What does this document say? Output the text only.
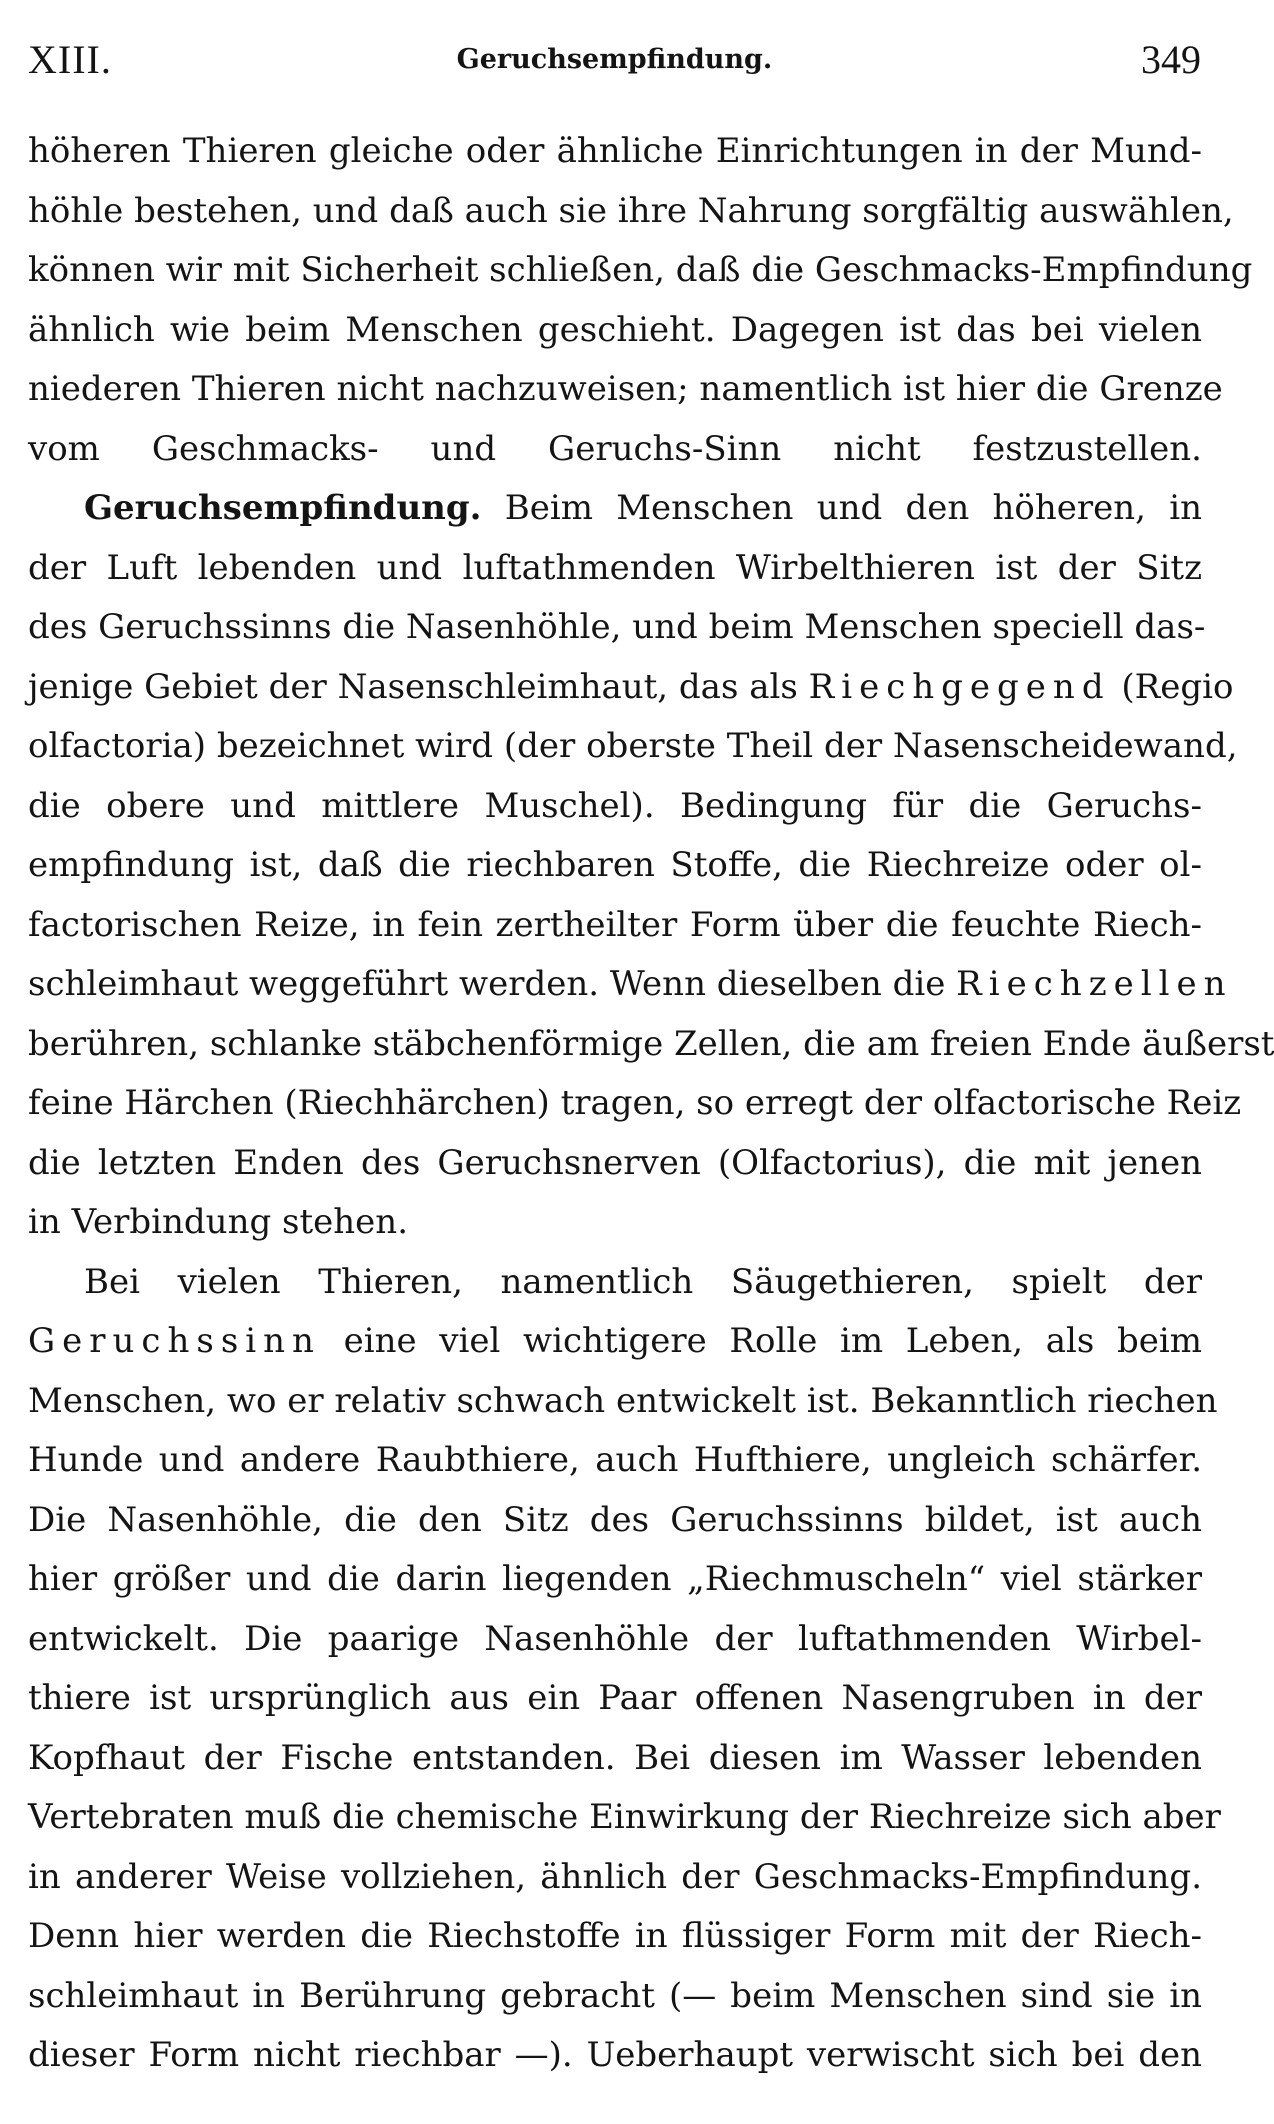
XIII.	Geruchsempfindung.	349
höheren Thieren gleiche oder ähnliche Einrichtungen in der Mund-
höhle bestehen, und daß auch sie ihre Nahrung sorgfältig auswählen,
können wir mit Sicherheit schließen, daß die Geschmacks-Empfindung
ähnlich wie beim Menschen geschieht. Dagegen ist das bei vielen
niederen Thieren nicht nachzuweisen; namentlich ist hier die Grenze
vom Geschmacks- und Geruchs-Sinn nicht festzustellen.
Geruchsempfindung. Beim Menschen und den höheren, in
der Luft lebenden und luftathmenden Wirbelthieren ist der Sitz
des Geruchssinns die Nasenhöhle, und beim Menschen speciell das-
jenige Gebiet der Nasenschleimhaut, das als Riechgegend (Regio
olfactoria) bezeichnet wird (der oberste Theil der Nasenscheidewand,
die obere und mittlere Muschel). Bedingung für die Geruchs-
empfindung ist, daß die riechbaren Stoffe, die Riechreize oder ol-
factorischen Reize, in fein zertheilter Form über die feuchte Riech-
schleimhaut weggeführt werden. Wenn dieselben die Riechzellen
berühren, schlanke stäbchenförmige Zellen, die am freien Ende äußerst
feine Härchen (Riechhärchen) tragen, so erregt der olfactorische Reiz
die letzten Enden des Geruchsnerven (Olfactorius), die mit jenen
in Verbindung stehen.
Bei vielen Thieren, namentlich Säugethieren, spielt der
Geruchssinn eine viel wichtigere Rolle im Leben, als beim
Menschen, wo er relativ schwach entwickelt ist. Bekanntlich riechen
Hunde und andere Raubthiere, auch Hufthiere, ungleich schärfer.
Die Nasenhöhle, die den Sitz des Geruchssinns bildet, ist auch
hier größer und die darin liegenden „Riechmuscheln“ viel stärker
entwickelt. Die paarige Nasenhöhle der luftathmenden Wirbel-
thiere ist ursprünglich aus ein Paar offenen Nasengruben in der
Kopfhaut der Fische entstanden. Bei diesen im Wasser lebenden
Vertebraten muß die chemische Einwirkung der Riechreize sich aber
in anderer Weise vollziehen, ähnlich der Geschmacks-Empfindung.
Denn hier werden die Riechstoffe in flüssiger Form mit der Riech-
schleimhaut in Berührung gebracht (— beim Menschen sind sie in
dieser Form nicht riechbar —). Ueberhaupt verwischt sich bei den
